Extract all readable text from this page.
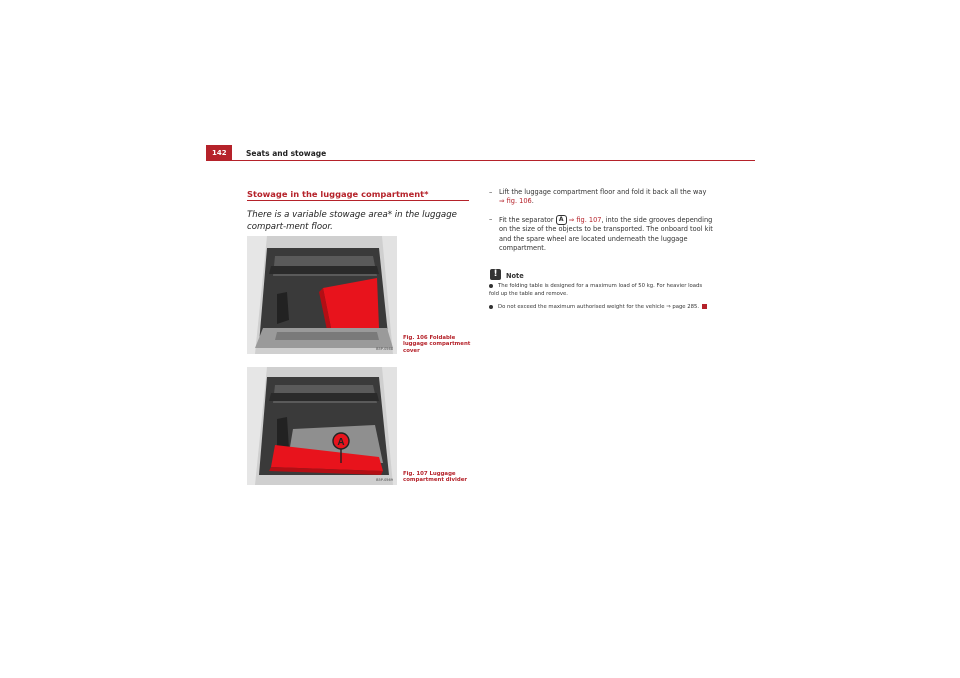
142	Seats and stowage
Stowage in the luggage compartment*

There is a variable stowage area* in the luggage compart-ment floor.

B5P-0568

Fig. 106 Foldable luggage compartment cover

A
B5P-0569

Fig. 107 Luggage compartment divider

– Lift the luggage compartment floor and fold it back all the way ⇒ fig. 106.

– Fit the separator A ⇒ fig. 107, into the side grooves depending on the size of the objects to be transported. The onboard tool kit and the spare wheel are located underneath the luggage compartment.

!	Note

The folding table is designed for a maximum load of 50 kg. For heavier loads fold up the table and remove.

Do not exceed the maximum authorised weight for the vehicle ⇒ page 285.
